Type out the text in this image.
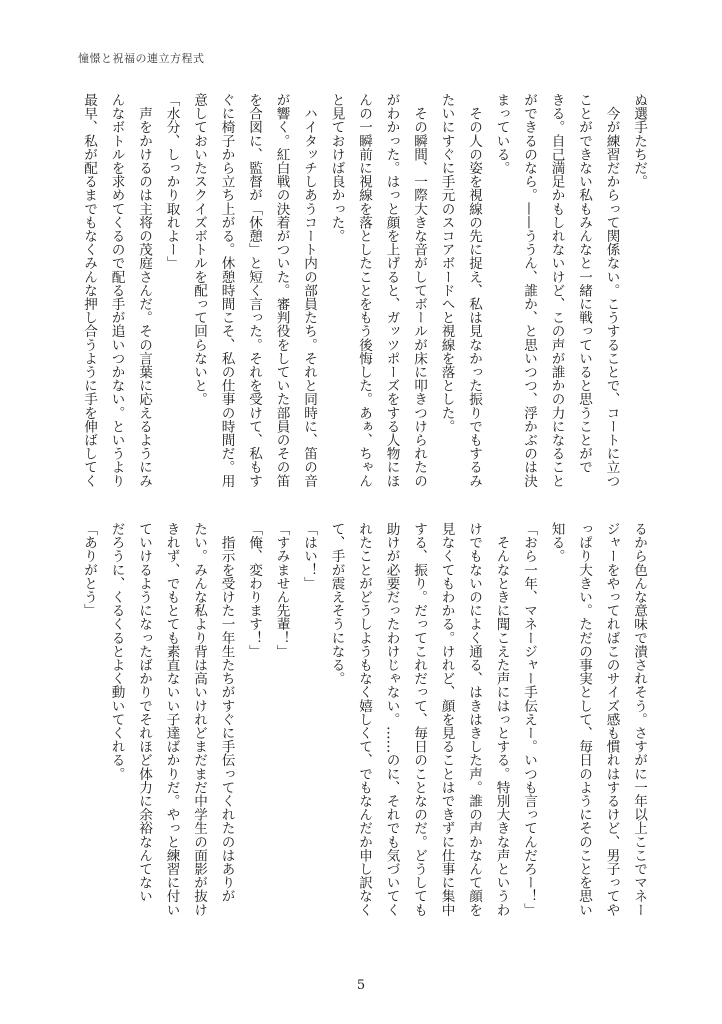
憧憬と祝福の連立方程式
ぬ選手たちだ。
　今が練習だからって関係ない。こうすることで、コートに立つ
ことができない私もみんなと一緒に戦っていると思うことがで
きる。自己満足かもしれないけど、この声が誰かの力になること
ができるのなら。——ううん、誰か、と思いつつ、浮かぶのは決
まっている。
　その人の姿を視線の先に捉え、私は見なかった振りでもするみ
たいにすぐに手元のスコアボードへと視線を落とした。
　その瞬間、一際大きな音がしてボールが床に叩きつけられたの
がわかった。はっと顔を上げると、ガッツポーズをする人物にほ
んの一瞬前に視線を落としたことをもう後悔した。あぁ、ちゃん
と見ておけば良かった。
　ハイタッチしあうコート内の部員たち。それと同時に、笛の音
が響く。紅白戦の決着がついた。審判役をしていた部員のその笛
を合図に、監督が「休憩」と短く言った。それを受けて、私もす
ぐに椅子から立ち上がる。休憩時間こそ、私の仕事の時間だ。用
意しておいたスクイズボトルを配って回らないと。
「水分、しっかり取れよー」
　声をかけるのは主将の茂庭さんだ。その言葉に応えるようにみ
んなボトルを求めてくるので配る手が追いつかない。というより
最早、私が配るまでもなくみんな押し合うように手を伸ばしてく
るから色んな意味で潰されそう。さすがに一年以上ここでマネー
ジャーをやってればこのサイズ感も慣れはするけど、男子ってや
っぱり大きい。ただの事実として、毎日のようにそのことを思い
知る。
「おら一年、マネージャー手伝えー。いつも言ってんだろー！」
　そんなときに聞こえた声にはっとする。特別大きな声というわ
けでもないのによく通る、はきはきした声。誰の声かなんて顔を
見なくてもわかる。けれど、顔を見ることはできずに仕事に集中
する、振り。だってこれだって、毎日のことなのだ。どうしても
助けが必要だったわけじゃない。……のに、それでも気づいてく
れたことがどうしようもなく嬉しくて、でもなんだか申し訳なく
て、手が震えそうになる。
「はい！」
「すみません先輩！」
「俺、変わります！」
　指示を受けた一年生たちがすぐに手伝ってくれたのはありが
たい。みんな私より背は高いけれどまだまだ中学生の面影が抜け
きれず、でもとても素直ないい子達ばかりだ。やっと練習に付い
ていけるようになったばかりでそれほど体力に余裕なんてない
だろうに、くるくるとよく動いてくれる。
「ありがとう」
5
